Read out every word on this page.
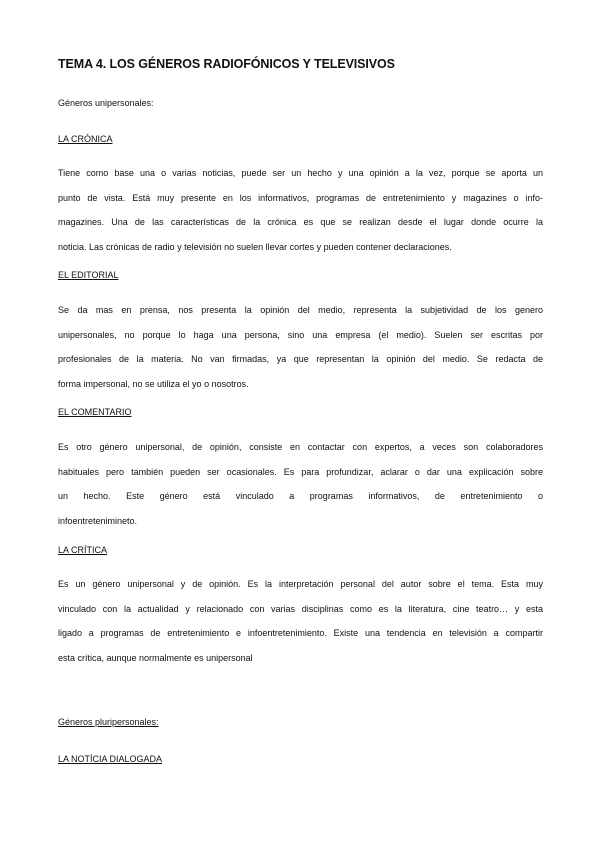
TEMA 4. LOS GÉNEROS RADIOFÓNICOS Y TELEVISIVOS

Géneros unipersonales:

LA CRÓNICA

Tiene como base una o varias noticias, puede ser un hecho y una opinión a la vez, porque se aporta un
punto de vista. Está muy presente en los informativos, programas de entretenimiento y magazines o info-
magazines. Una de las características de la crónica es que se realizan desde el lugar donde ocurre la
noticia. Las crónicas de radio y televisión no suelen llevar cortes y pueden contener declaraciones.

EL EDITORIAL

Se da mas en prensa, nos presenta la opinión del medio, representa la subjetividad de los genero
unipersonales, no porque lo haga una persona, sino una empresa (el medio). Suelen ser escritas por
profesionales de la materia. No van firmadas, ya que representan la opinión del medio. Se redacta de
forma impersonal, no se utiliza el yo o nosotros.

EL COMENTARIO

Es otro género unipersonal, de opinión, consiste en contactar con expertos, a veces son colaboradores
habituales pero también pueden ser ocasionales. Es para profundizar, aclarar o dar una explicación sobre
un hecho. Este género está vinculado a programas informativos, de entretenimiento o
infoentretenimineto.

LA CRÍTICA

Es un género unipersonal y de opinión. Es la interpretación personal del autor sobre el tema. Esta muy
vinculado con la actualidad y relacionado con varias disciplinas como es la literatura, cine teatro… y esta
ligado a programas de entretenimiento e infoentretenimiento. Existe una tendencia en televisión a compartir
esta crítica, aunque normalmente es unipersonal

Géneros pluripersonales:

LA NOTÍCIA DIALOGADA
